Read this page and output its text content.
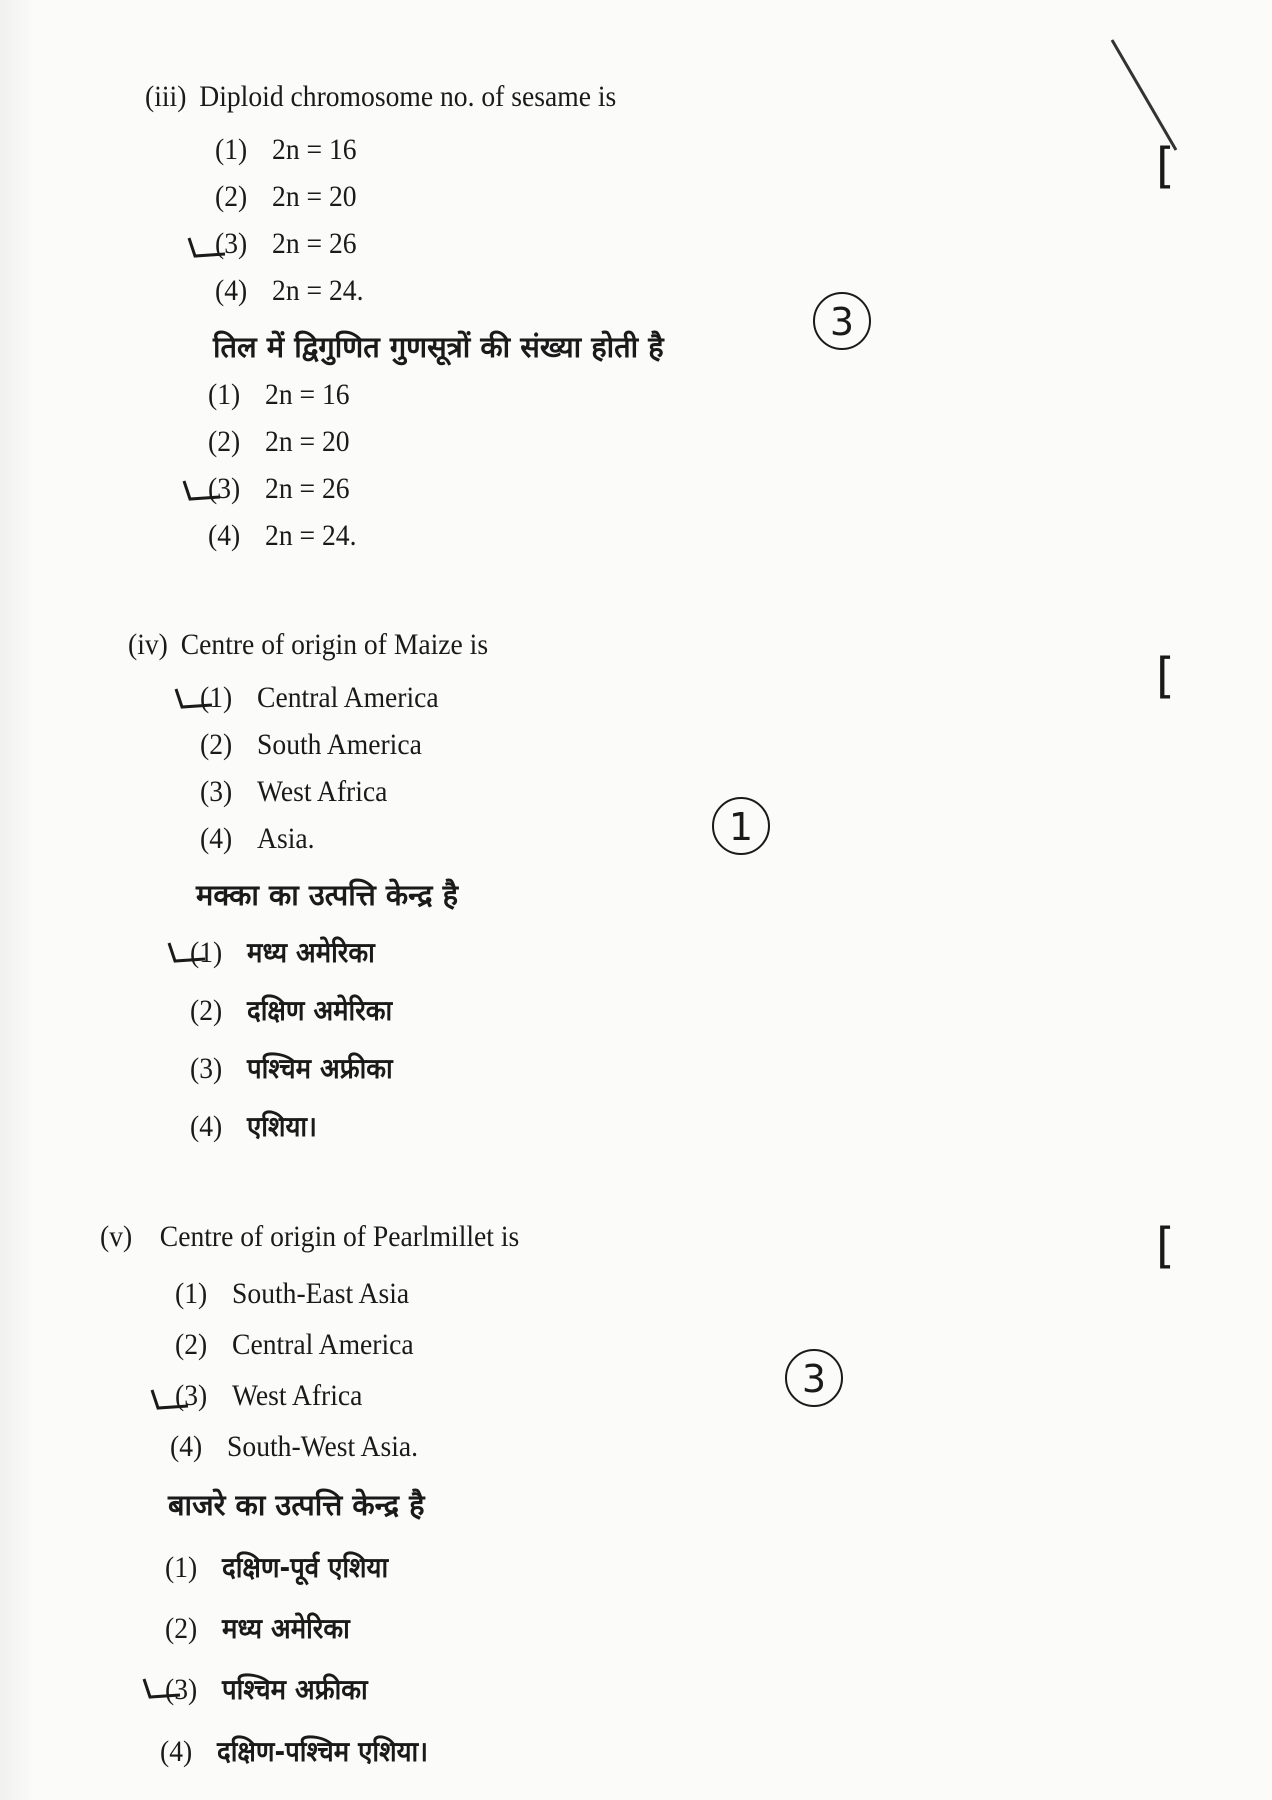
(iii) Diploid chromosome no. of sesame is
(1) 2n = 16
(2) 2n = 20
(3) 2n = 26
(4) 2n = 24.
3
[
तिल में द्विगुणित गुणसूत्रों की संख्या होती है
(1) 2n = 16
(2) 2n = 20
(3) 2n = 26
(4) 2n = 24.
(iv) Centre of origin of Maize is
(1) Central America
(2) South America
(3) West Africa
(4) Asia.	1
[
मक्का का उत्पत्ति केन्द्र है
(1) मध्य अमेरिका
(2) दक्षिण अमेरिका
(3) पश्चिम अफ्रीका
(4) एशिया।
(v) Centre of origin of Pearlmillet is
(1) South-East Asia
(2) Central America
(3) West Africa
(4) South-West Asia.
3
[
बाजरे का उत्पत्ति केन्द्र है
(1) दक्षिण-पूर्व एशिया
(2) मध्य अमेरिका
(3) पश्चिम अफ्रीका
(4) दक्षिण-पश्चिम एशिया।
